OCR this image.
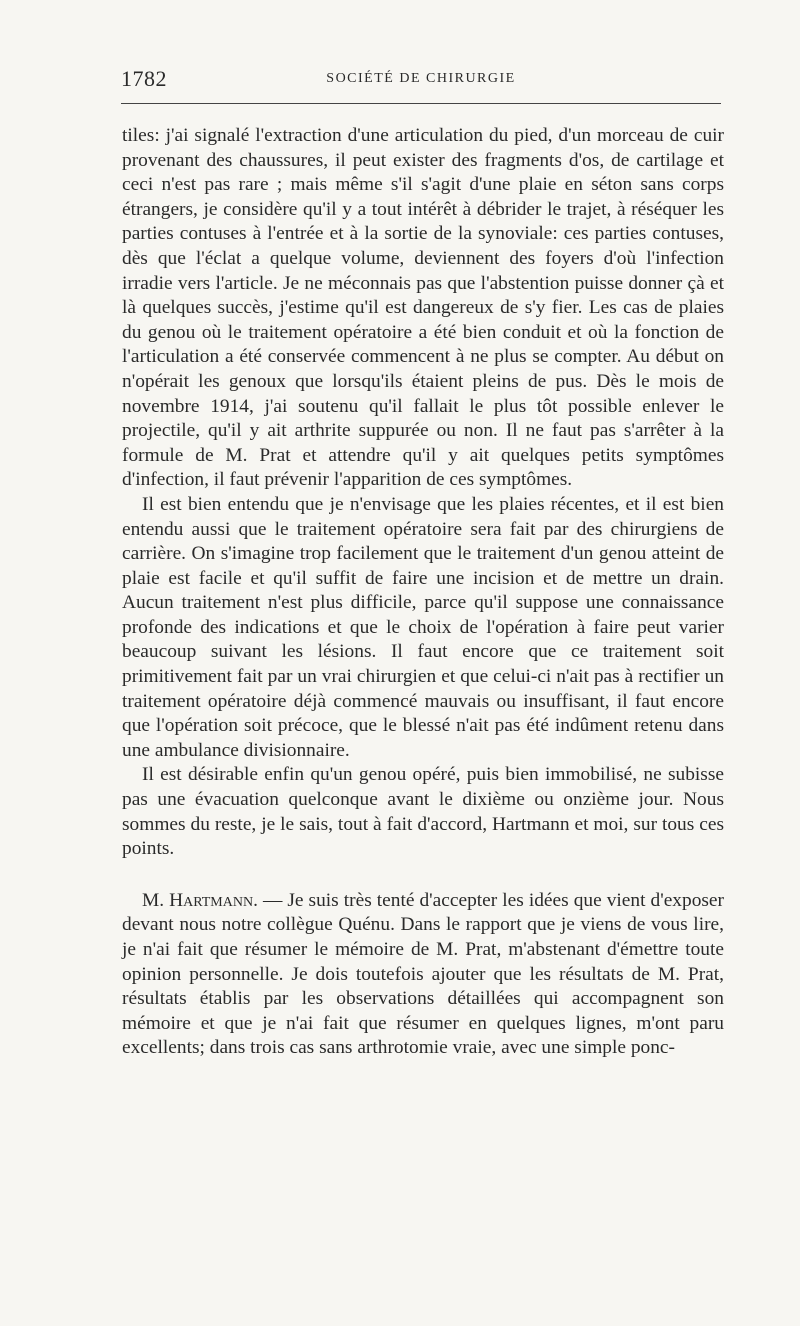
1782	SOCIÉTÉ DE CHIRURGIE

tiles: j'ai signalé l'extraction d'une articulation du pied, d'un morceau de cuir provenant des chaussures, il peut exister des fragments d'os, de cartilage et ceci n'est pas rare ; mais même s'il s'agit d'une plaie en séton sans corps étrangers, je considère qu'il y a tout intérêt à débrider le trajet, à réséquer les parties contuses à l'entrée et à la sortie de la synoviale: ces parties contuses, dès que l'éclat a quelque volume, deviennent des foyers d'où l'infection irradie vers l'article. Je ne méconnais pas que l'abstention puisse donner çà et là quelques succès, j'estime qu'il est dangereux de s'y fier. Les cas de plaies du genou où le traitement opératoire a été bien conduit et où la fonction de l'articulation a été conservée commencent à ne plus se compter. Au début on n'opérait les genoux que lorsqu'ils étaient pleins de pus. Dès le mois de novembre 1914, j'ai soutenu qu'il fallait le plus tôt possible enlever le projectile, qu'il y ait arthrite suppurée ou non. Il ne faut pas s'arrêter à la formule de M. Prat et attendre qu'il y ait quelques petits symptômes d'infection, il faut prévenir l'apparition de ces symptômes.

Il est bien entendu que je n'envisage que les plaies récentes, et il est bien entendu aussi que le traitement opératoire sera fait par des chirurgiens de carrière. On s'imagine trop facilement que le traitement d'un genou atteint de plaie est facile et qu'il suffit de faire une incision et de mettre un drain. Aucun traitement n'est plus difficile, parce qu'il suppose une connaissance profonde des indications et que le choix de l'opération à faire peut varier beaucoup suivant les lésions. Il faut encore que ce traitement soit primitivement fait par un vrai chirurgien et que celui-ci n'ait pas à rectifier un traitement opératoire déjà commencé mauvais ou insuffisant, il faut encore que l'opération soit précoce, que le blessé n'ait pas été indûment retenu dans une ambulance divisionnaire.

Il est désirable enfin qu'un genou opéré, puis bien immobilisé, ne subisse pas une évacuation quelconque avant le dixième ou onzième jour. Nous sommes du reste, je le sais, tout à fait d'accord, Hartmann et moi, sur tous ces points.

M. Hartmann. — Je suis très tenté d'accepter les idées que vient d'exposer devant nous notre collègue Quénu. Dans le rapport que je viens de vous lire, je n'ai fait que résumer le mémoire de M. Prat, m'abstenant d'émettre toute opinion personnelle. Je dois toutefois ajouter que les résultats de M. Prat, résultats établis par les observations détaillées qui accompagnent son mémoire et que je n'ai fait que résumer en quelques lignes, m'ont paru excellents; dans trois cas sans arthrotomie vraie, avec une simple ponc-
